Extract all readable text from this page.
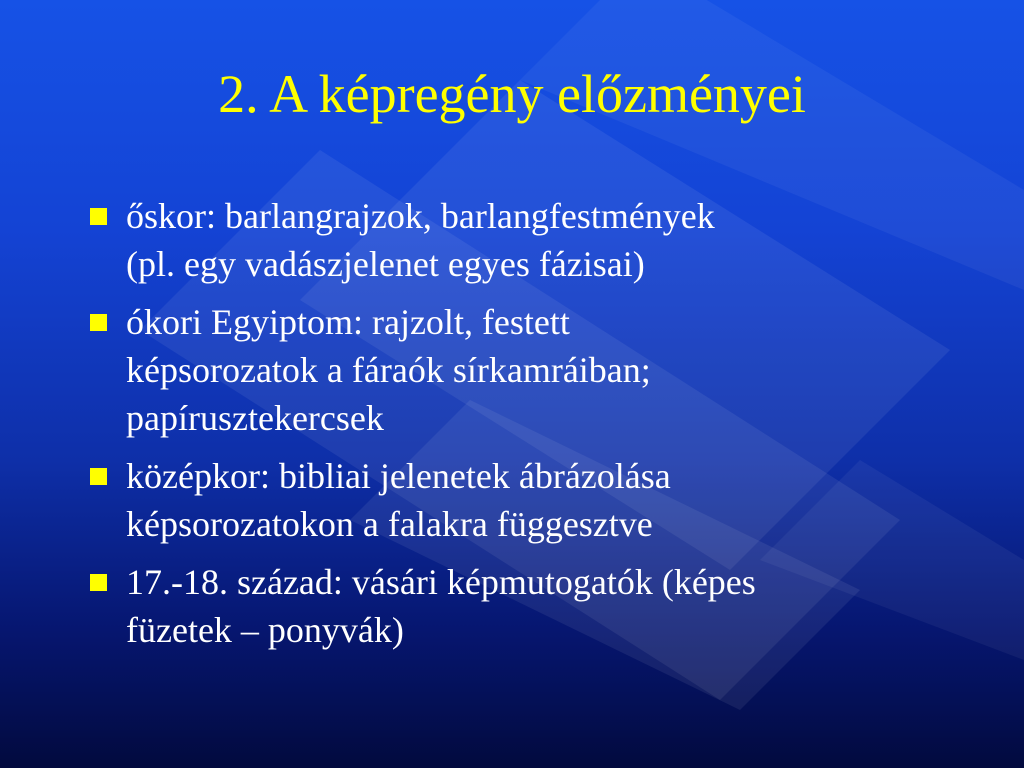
2. A képregény előzményei
őskor: barlangrajzok, barlangfestmények
(pl. egy vadászjelenet egyes fázisai)
ókori Egyiptom: rajzolt, festett
képsorozatok a fáraók sírkamráiban;
papírusztekercsek
középkor: bibliai jelenetek ábrázolása
képsorozatokon a falakra függesztve
17.-18. század: vásári képmutogatók (képes
füzetek – ponyvák)
